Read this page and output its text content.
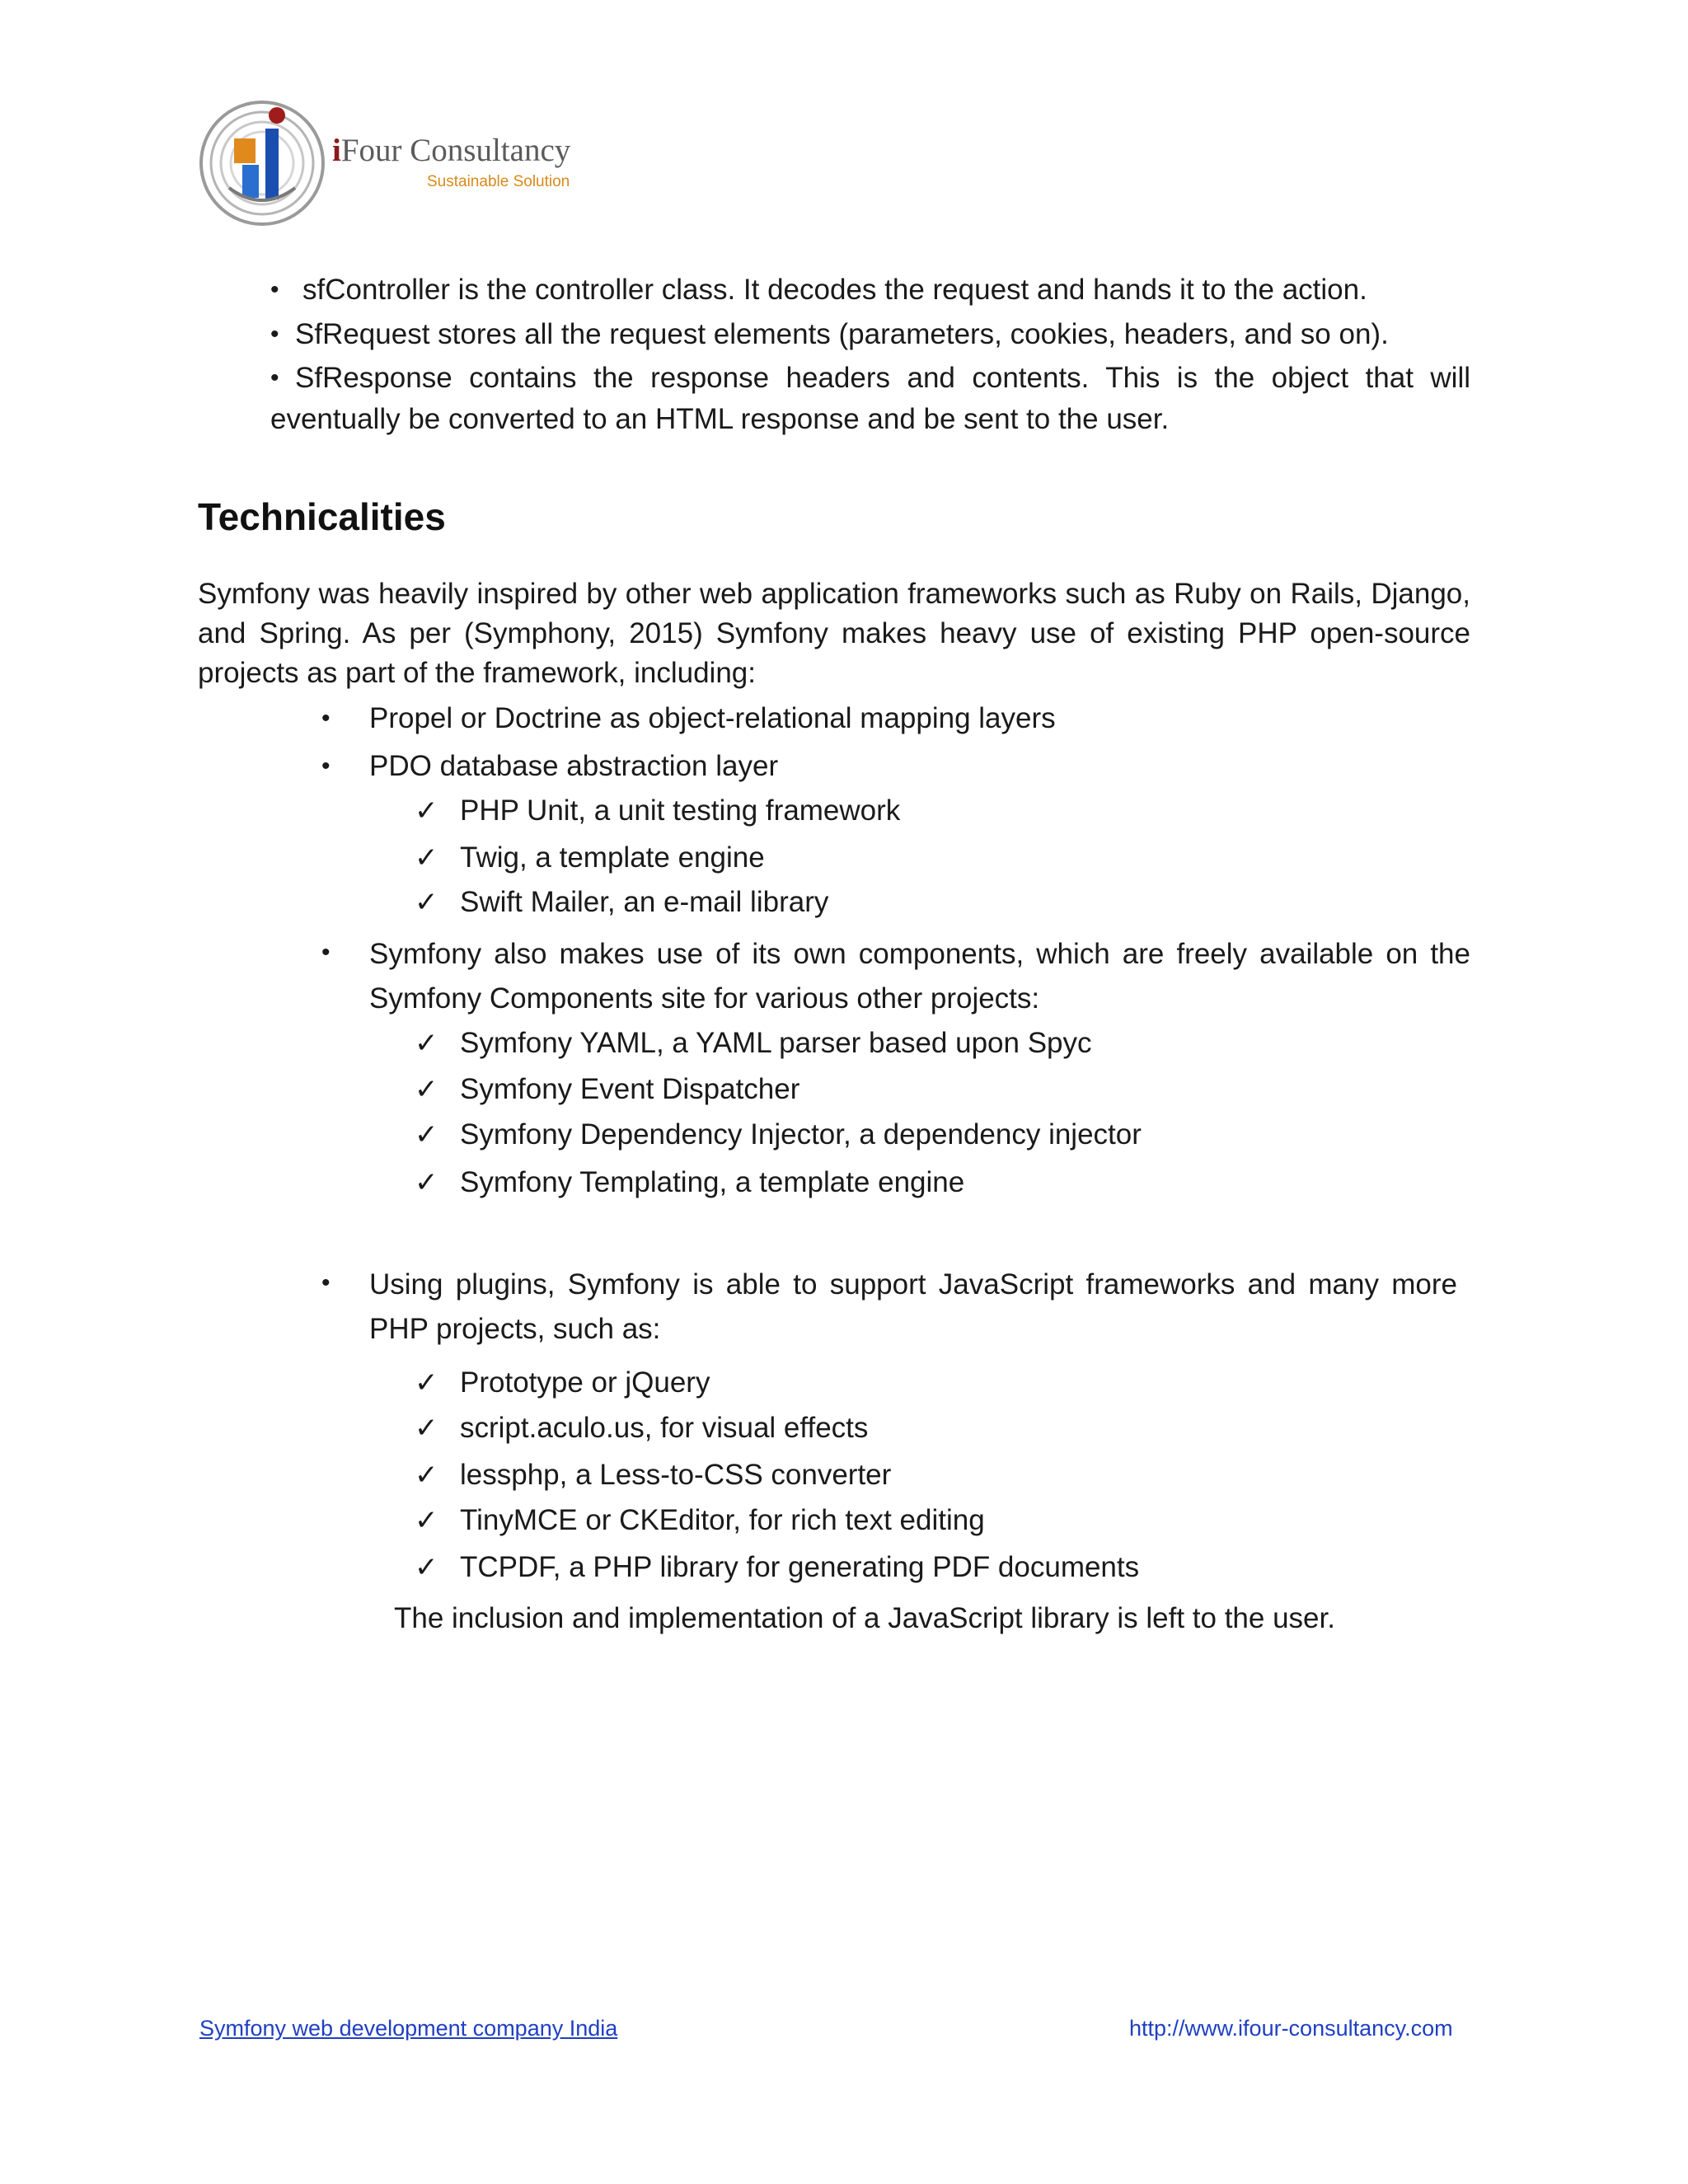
iFour Consultancy
Sustainable Solution
• sfController is the controller class. It decodes the request and hands it to the action.
• SfRequest stores all the request elements (parameters, cookies, headers, and so on).
• SfResponse contains the response headers and contents. This is the object that will eventually be converted to an HTML response and be sent to the user.
Technicalities
Symfony was heavily inspired by other web application frameworks such as Ruby on Rails, Django, and Spring. As per (Symphony, 2015) Symfony makes heavy use of existing PHP open-source projects as part of the framework, including:
• Propel or Doctrine as object-relational mapping layers
• PDO database abstraction layer
✓ PHP Unit, a unit testing framework
✓ Twig, a template engine
✓ Swift Mailer, an e-mail library
• Symfony also makes use of its own components, which are freely available on the Symfony Components site for various other projects:
✓ Symfony YAML, a YAML parser based upon Spyc
✓ Symfony Event Dispatcher
✓ Symfony Dependency Injector, a dependency injector
✓ Symfony Templating, a template engine
• Using plugins, Symfony is able to support JavaScript frameworks and many more PHP projects, such as:
✓ Prototype or jQuery
✓ script.aculo.us, for visual effects
✓ lessphp, a Less-to-CSS converter
✓ TinyMCE or CKEditor, for rich text editing
✓ TCPDF, a PHP library for generating PDF documents
The inclusion and implementation of a JavaScript library is left to the user.
Symfony web development company India	http://www.ifour-consultancy.com
